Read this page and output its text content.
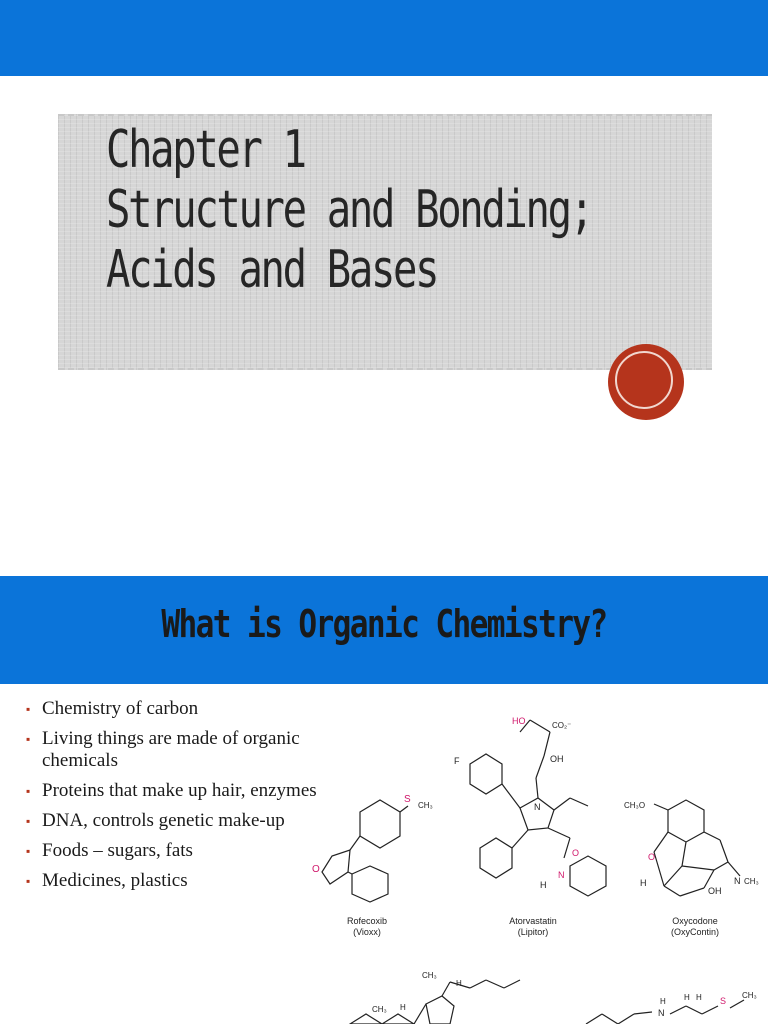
Chapter 1
Structure and Bonding;
Acids and Bases
What is Organic Chemistry?
▪ Chemistry of carbon
▪ Living things are made of organic chemicals
▪ Proteins that make up hair, enzymes
▪ DNA, controls genetic make-up
▪ Foods – sugars, fats
▪ Medicines, plastics
S
CH₃
O
Rofecoxib
(Vioxx)
HO	CO₂⁻
OH
F
N
O
N
H
Atorvastatin
(Lipitor)
CH₃O
O
N CH₃
OH
H
Oxycodone
(OxyContin)
CH₃
CH₃
H
H
N
H H H S
CH₃
